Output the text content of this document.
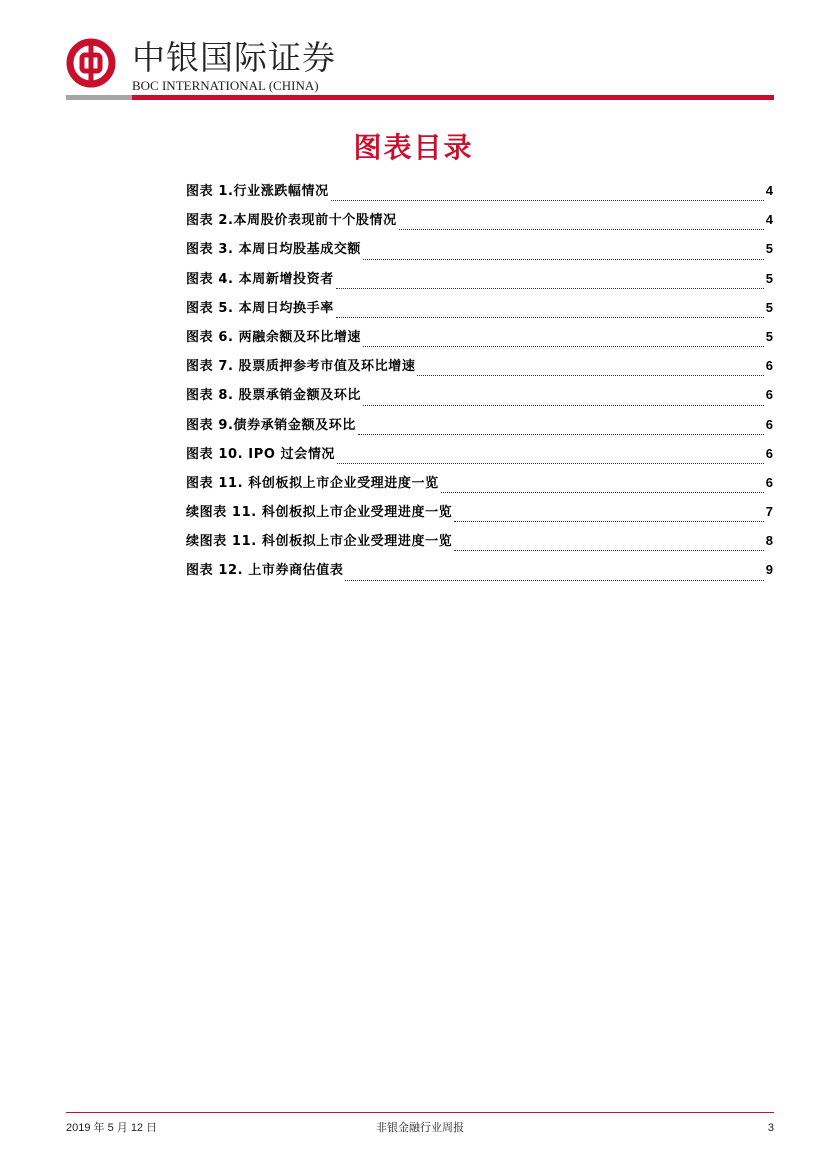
中银国际证券
BOC INTERNATIONAL (CHINA)
图表目录
图表 1.行业涨跌幅情况	4
图表 2.本周股价表现前十个股情况	4
图表 3. 本周日均股基成交额	5
图表 4. 本周新增投资者	5
图表 5. 本周日均换手率	5
图表 6. 两融余额及环比增速	5
图表 7. 股票质押参考市值及环比增速	6
图表 8. 股票承销金额及环比	6
图表 9.债券承销金额及环比	6
图表 10. IPO 过会情况	6
图表 11. 科创板拟上市企业受理进度一览	6
续图表 11. 科创板拟上市企业受理进度一览	7
续图表 11. 科创板拟上市企业受理进度一览	8
图表 12. 上市券商估值表	9
2019 年 5 月 12 日	非银金融行业周报	3
